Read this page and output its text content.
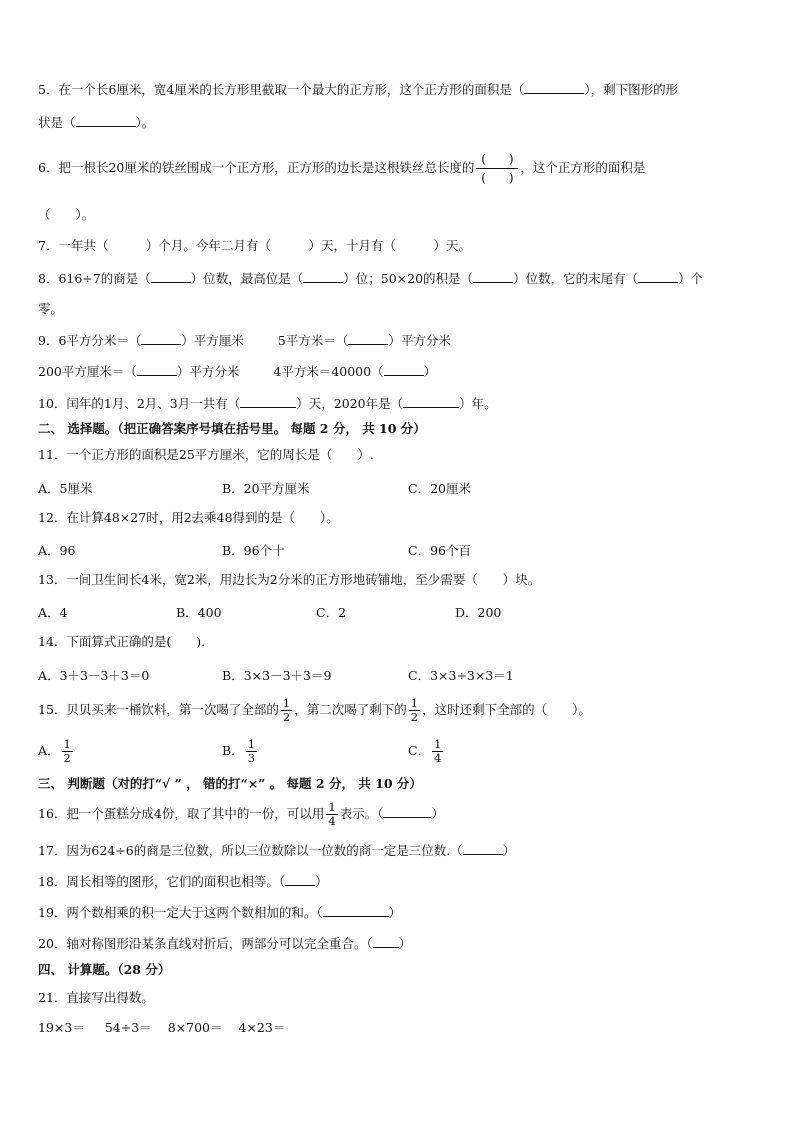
5．在一个长6厘米，宽4厘米的长方形里截取一个最大的正方形，这个正方形的面积是（	），剩下图形的形
状是（	）。
6．把一根长20厘米的铁丝围成一个正方形，正方形的边长是这根铁丝总长度的
( )
( )
，这个正方形的面积是
（　　）。
7．一年共（　　　）个月。今年二月有（　　　）天，十月有（　　　）天。
8．616÷7的商是（	）位数，最高位是（	）位；50×20的积是（	）位数，它的末尾有（	）个
零。
9．6平方分米＝（	）平方厘米	5平方米＝（	）平方分米
200平方厘米＝（	）平方分米	4平方米＝40000（	）
10．闰年的1月、2月、3月一共有（	）天，2020年是（	）年。
二、 选择题。（把正确答案序号填在括号里。 每题 2 分， 共 10 分）
11．一个正方形的面积是25平方厘米，它的周长是（　　）.
A．5厘米	B．20平方厘米	C．20厘米
12．在计算48×27时，用2去乘48得到的是（　　）。
A．96	B．96个十	C．96个百
13．一间卫生间长4米，宽2米，用边长为2分米的正方形地砖铺地，至少需要（　　）块。
A．4	B．400	C．2	D．200
14．下面算式正确的是(　　).
A．3＋3－3＋3＝0	B．3×3－3＋3＝9	C．3×3÷3×3＝1
15．贝贝买来一桶饮料，第一次喝了全部的 $\frac{1}{2}$ ，第二次喝了剩下的 $\frac{1}{2}$ ，这时还剩下全部的（　　）。
A． $\frac{1}{2}$	B． $\frac{1}{3}$	C． $\frac{1}{4}$
三、 判断题（对的打“√ ” ， 错的打“×” 。 每题 2 分， 共 10 分）
16．把一个蛋糕分成4份，取了其中的一份，可以用 $\frac{1}{4}$ 表示。（	）
17．因为624÷6的商是三位数，所以三位数除以一位数的商一定是三位数.（	）
18．周长相等的图形，它们的面积也相等。（ ）
19．两个数相乘的积一定大于这两个数相加的和。（	）
20．轴对称图形沿某条直线对折后，两部分可以完全重合。（ ）
四、 计算题。（28 分）
21．直接写出得数。
19×3＝ 54÷3＝ 8×700＝ 4×23＝
